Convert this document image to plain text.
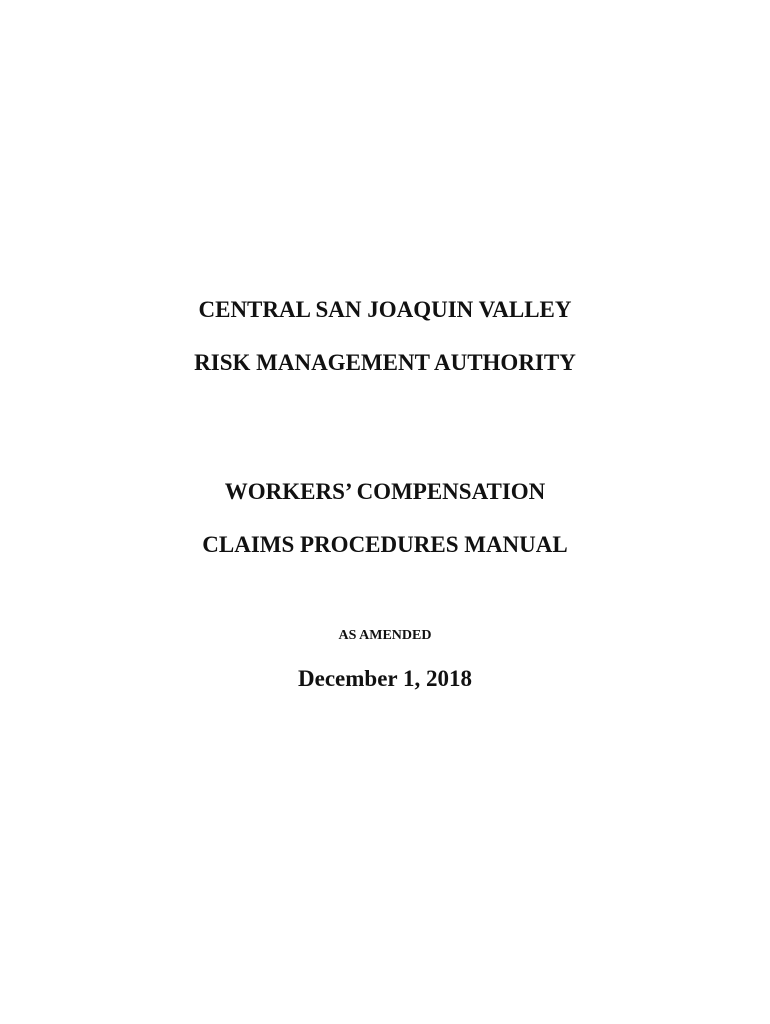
CENTRAL SAN JOAQUIN VALLEY

RISK MANAGEMENT AUTHORITY

WORKERS’ COMPENSATION

CLAIMS PROCEDURES MANUAL

AS AMENDED

December 1, 2018
